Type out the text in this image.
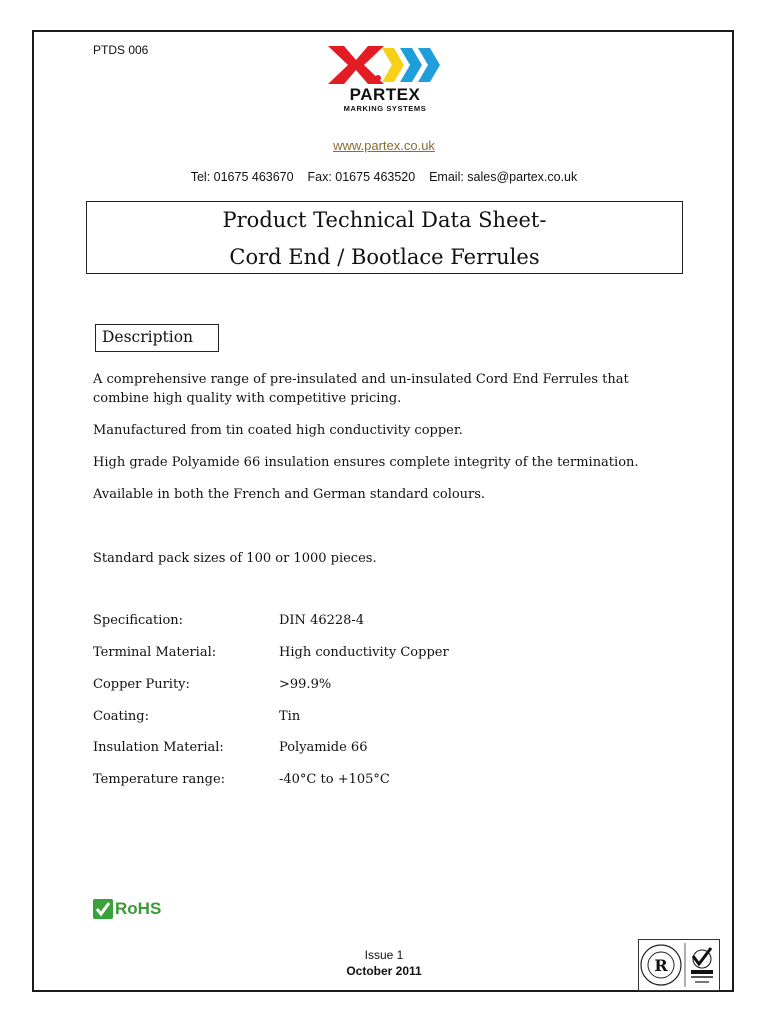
PTDS 006
PARTEX
MARKING SYSTEMS
www.partex.co.uk
Tel: 01675 463670    Fax: 01675 463520    Email: sales@partex.co.uk
Product Technical Data Sheet-
Cord End / Bootlace Ferrules
Description
A comprehensive range of pre-insulated and un-insulated Cord End Ferrules that combine high quality with competitive pricing.
Manufactured from tin coated high conductivity copper.
High grade Polyamide 66 insulation ensures complete integrity of the termination.
Available in both the French and German standard colours.
Standard pack sizes of 100 or 1000 pieces.
Specification:	DIN 46228-4
Terminal Material:	High conductivity Copper
Copper Purity:	>99.9%
Coating:	Tin
Insulation Material:	Polyamide 66
Temperature range:	-40°C to +105°C
RoHS
Issue 1
October 2011	R
